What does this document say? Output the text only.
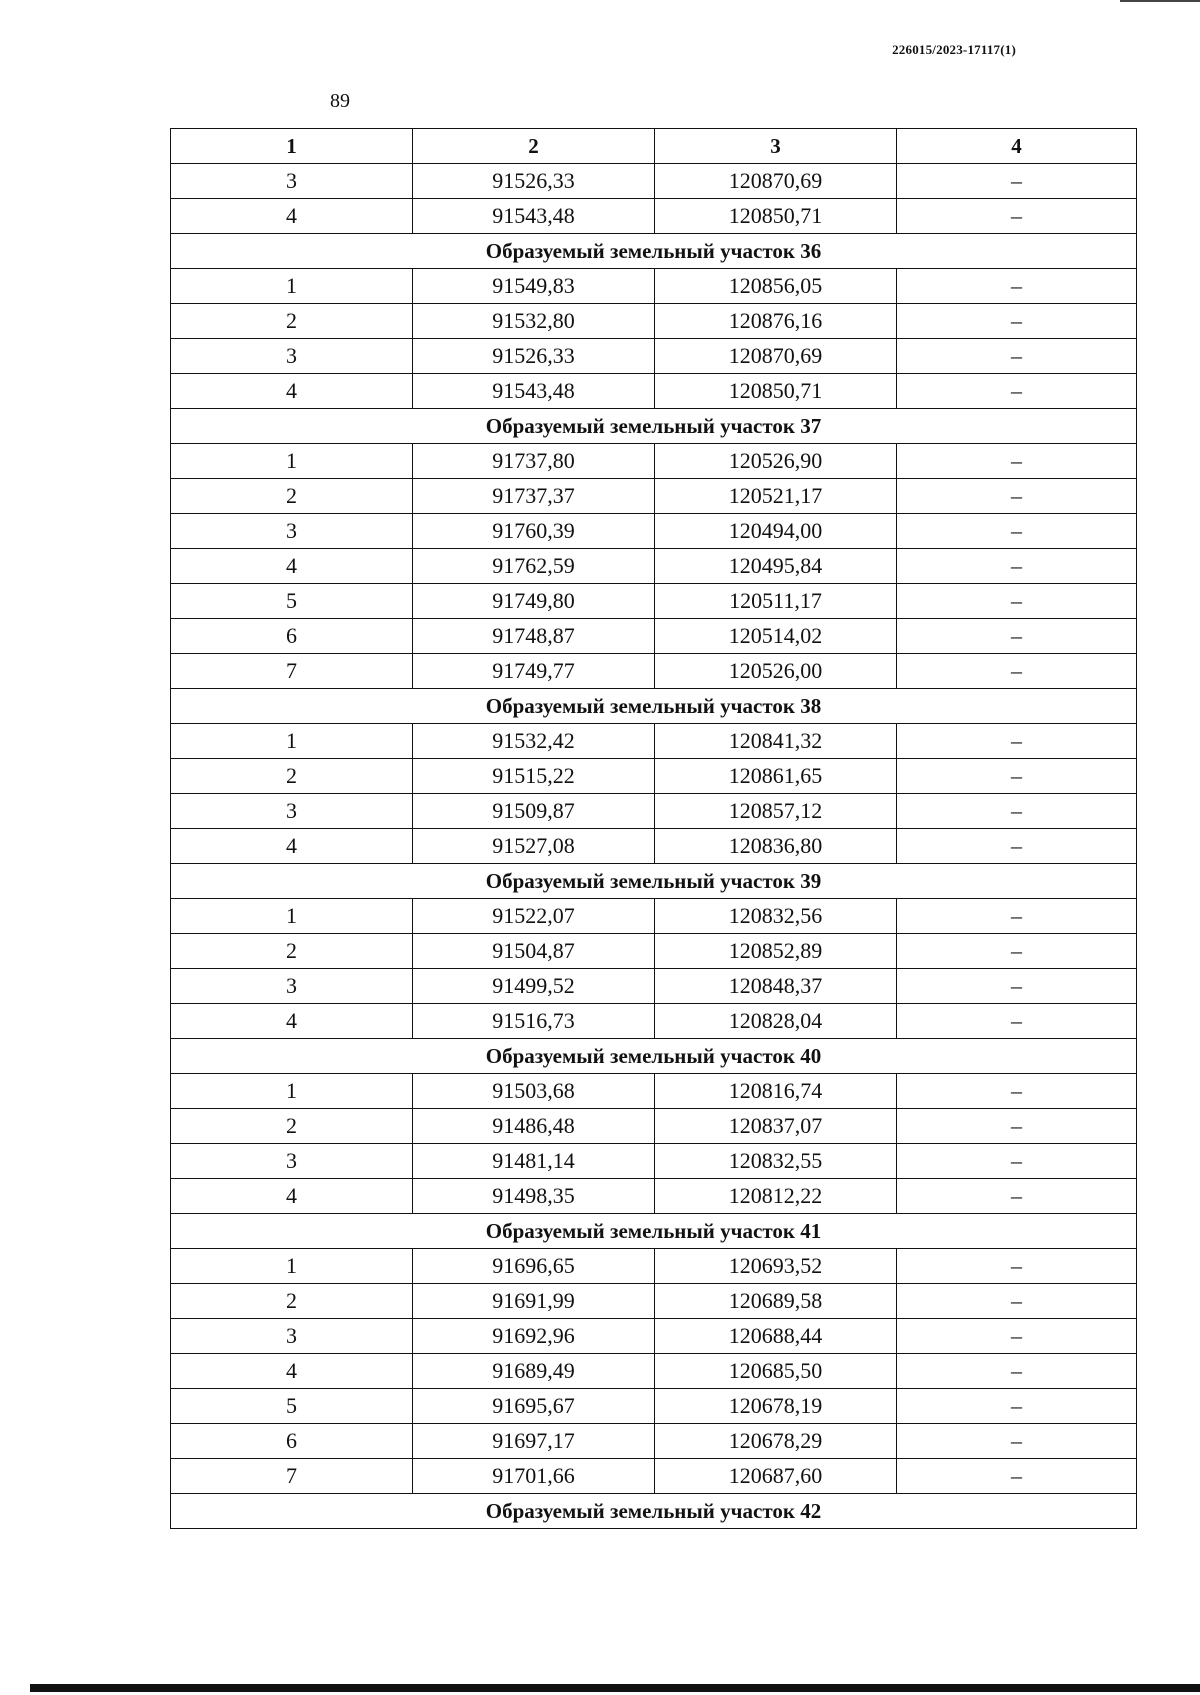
226015/2023-17117(1)
89
1	2	3	4
3	91526,33	120870,69	–
4	91543,48	120850,71	–
Образуемый земельный участок 36			
1	91549,83	120856,05	–
2	91532,80	120876,16	–
3	91526,33	120870,69	–
4	91543,48	120850,71	–
Образуемый земельный участок 37			
1	91737,80	120526,90	–
2	91737,37	120521,17	–
3	91760,39	120494,00	–
4	91762,59	120495,84	–
5	91749,80	120511,17	–
6	91748,87	120514,02	–
7	91749,77	120526,00	–
Образуемый земельный участок 38			
1	91532,42	120841,32	–
2	91515,22	120861,65	–
3	91509,87	120857,12	–
4	91527,08	120836,80	–
Образуемый земельный участок 39			
1	91522,07	120832,56	–
2	91504,87	120852,89	–
3	91499,52	120848,37	–
4	91516,73	120828,04	–
Образуемый земельный участок 40			
1	91503,68	120816,74	–
2	91486,48	120837,07	–
3	91481,14	120832,55	–
4	91498,35	120812,22	–
Образуемый земельный участок 41			
1	91696,65	120693,52	–
2	91691,99	120689,58	–
3	91692,96	120688,44	–
4	91689,49	120685,50	–
5	91695,67	120678,19	–
6	91697,17	120678,29	–
7	91701,66	120687,60	–
Образуемый земельный участок 42			
